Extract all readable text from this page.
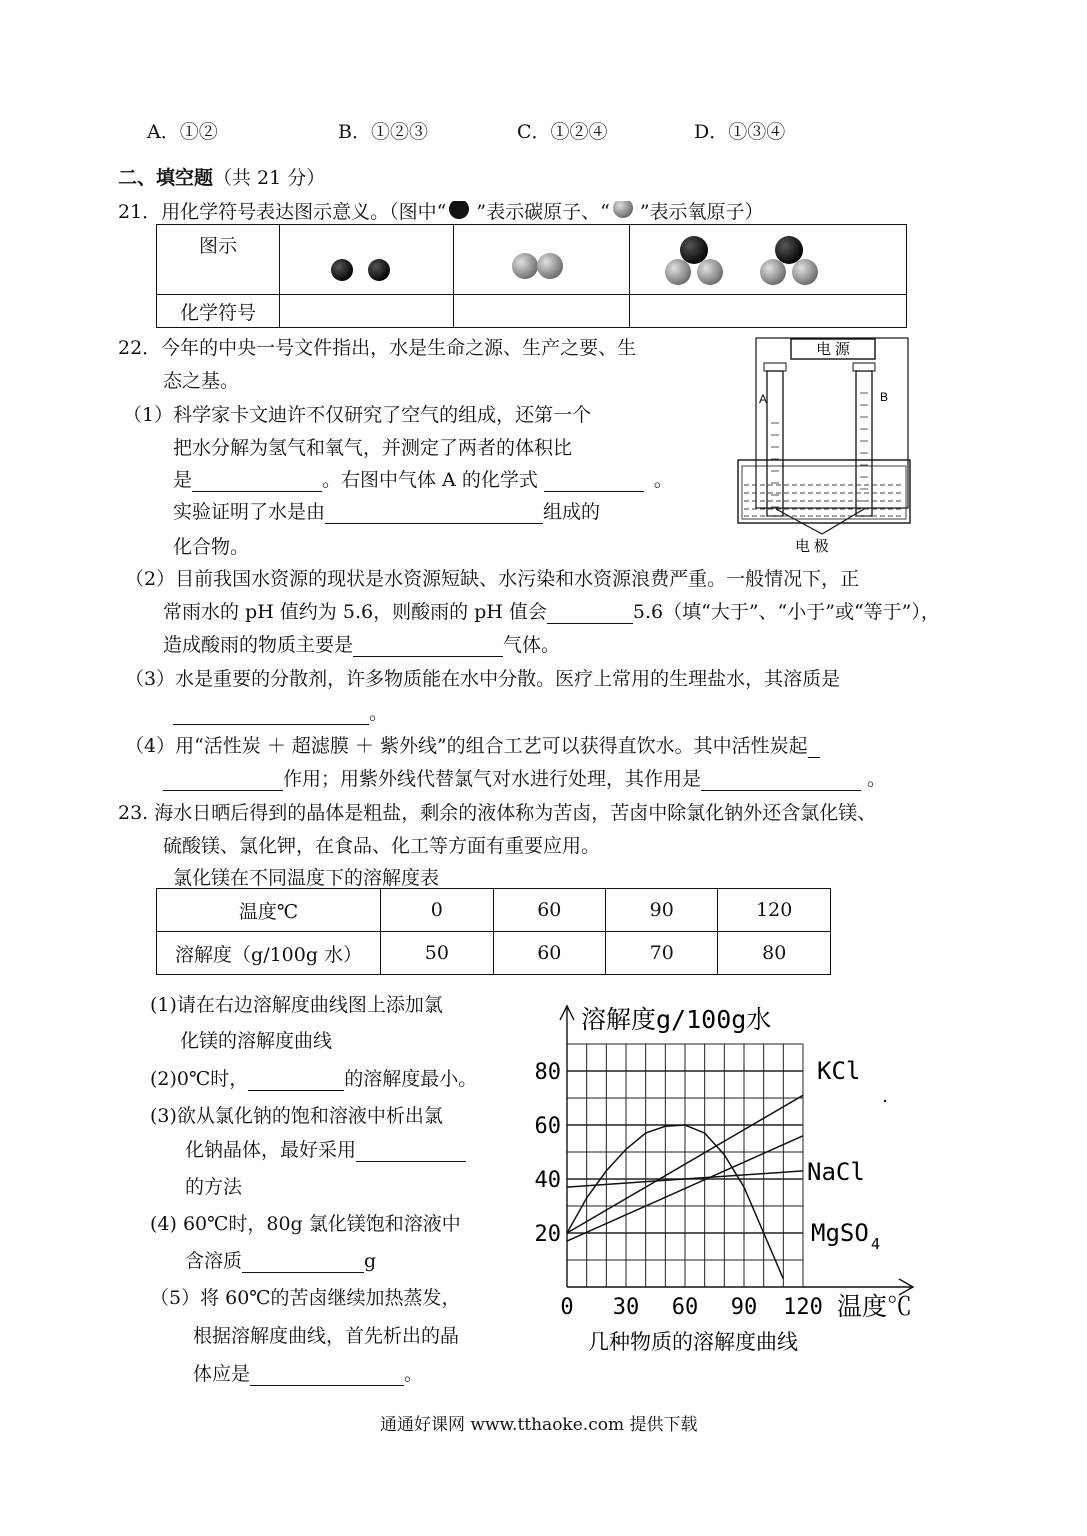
A．①②	B．①②③	C．①②④	D．①③④
二、填空题（共 21 分）
21．用化学符号表达图示意义。（图中“ ”表示碳原子、“ ”表示氧原子）
图示			
化学符号			
22．今年的中央一号文件指出，水是生命之源、生产之要、生
态之基。
（1）科学家卡文迪许不仅研究了空气的组成，还第一个
把水分解为氢气和氧气，并测定了两者的体积比
是	。右图中气体 A 的化学式	。
实验证明了水是由	组成的
化合物。
电 源
A	B
电 极
（2）目前我国水资源的现状是水资源短缺、水污染和水资源浪费严重。一般情况下，正
常雨水的 pH 值约为 5.6，则酸雨的 pH 值会	5.6（填“大于”、“小于”或“等于”），
造成酸雨的物质主要是	气体。
（3）水是重要的分散剂，许多物质能在水中分散。医疗上常用的生理盐水，其溶质是
。
（4）用“活性炭 ＋ 超滤膜 ＋ 紫外线”的组合工艺可以获得直饮水。其中活性炭起
作用；用紫外线代替氯气对水进行处理，其作用是	。
23. 海水日晒后得到的晶体是粗盐，剩余的液体称为苦卤，苦卤中除氯化钠外还含氯化镁、
硫酸镁、氯化钾，在食品、化工等方面有重要应用。
氯化镁在不同温度下的溶解度表
温度℃	0	60	90	120
溶解度（g/100g 水）	50	60	70	80
(1)请在右边溶解度曲线图上添加氯
化镁的溶解度曲线
(2)0℃时，	的溶解度最小。
(3)欲从氯化钠的饱和溶液中析出氯
化钠晶体，最好采用
的方法
(4) 60℃时，80g 氯化镁饱和溶液中
含溶质	g
（5）将 60℃的苦卤继续加热蒸发，
根据溶解度曲线，首先析出的晶
体应是	。
0 30 60 90 120
20
40
60
80
溶解度g/100g水
温度℃
KCl
NaCl
MgSO 4
几种物质的溶解度曲线
通通好课网 www.tthaoke.com 提供下载
